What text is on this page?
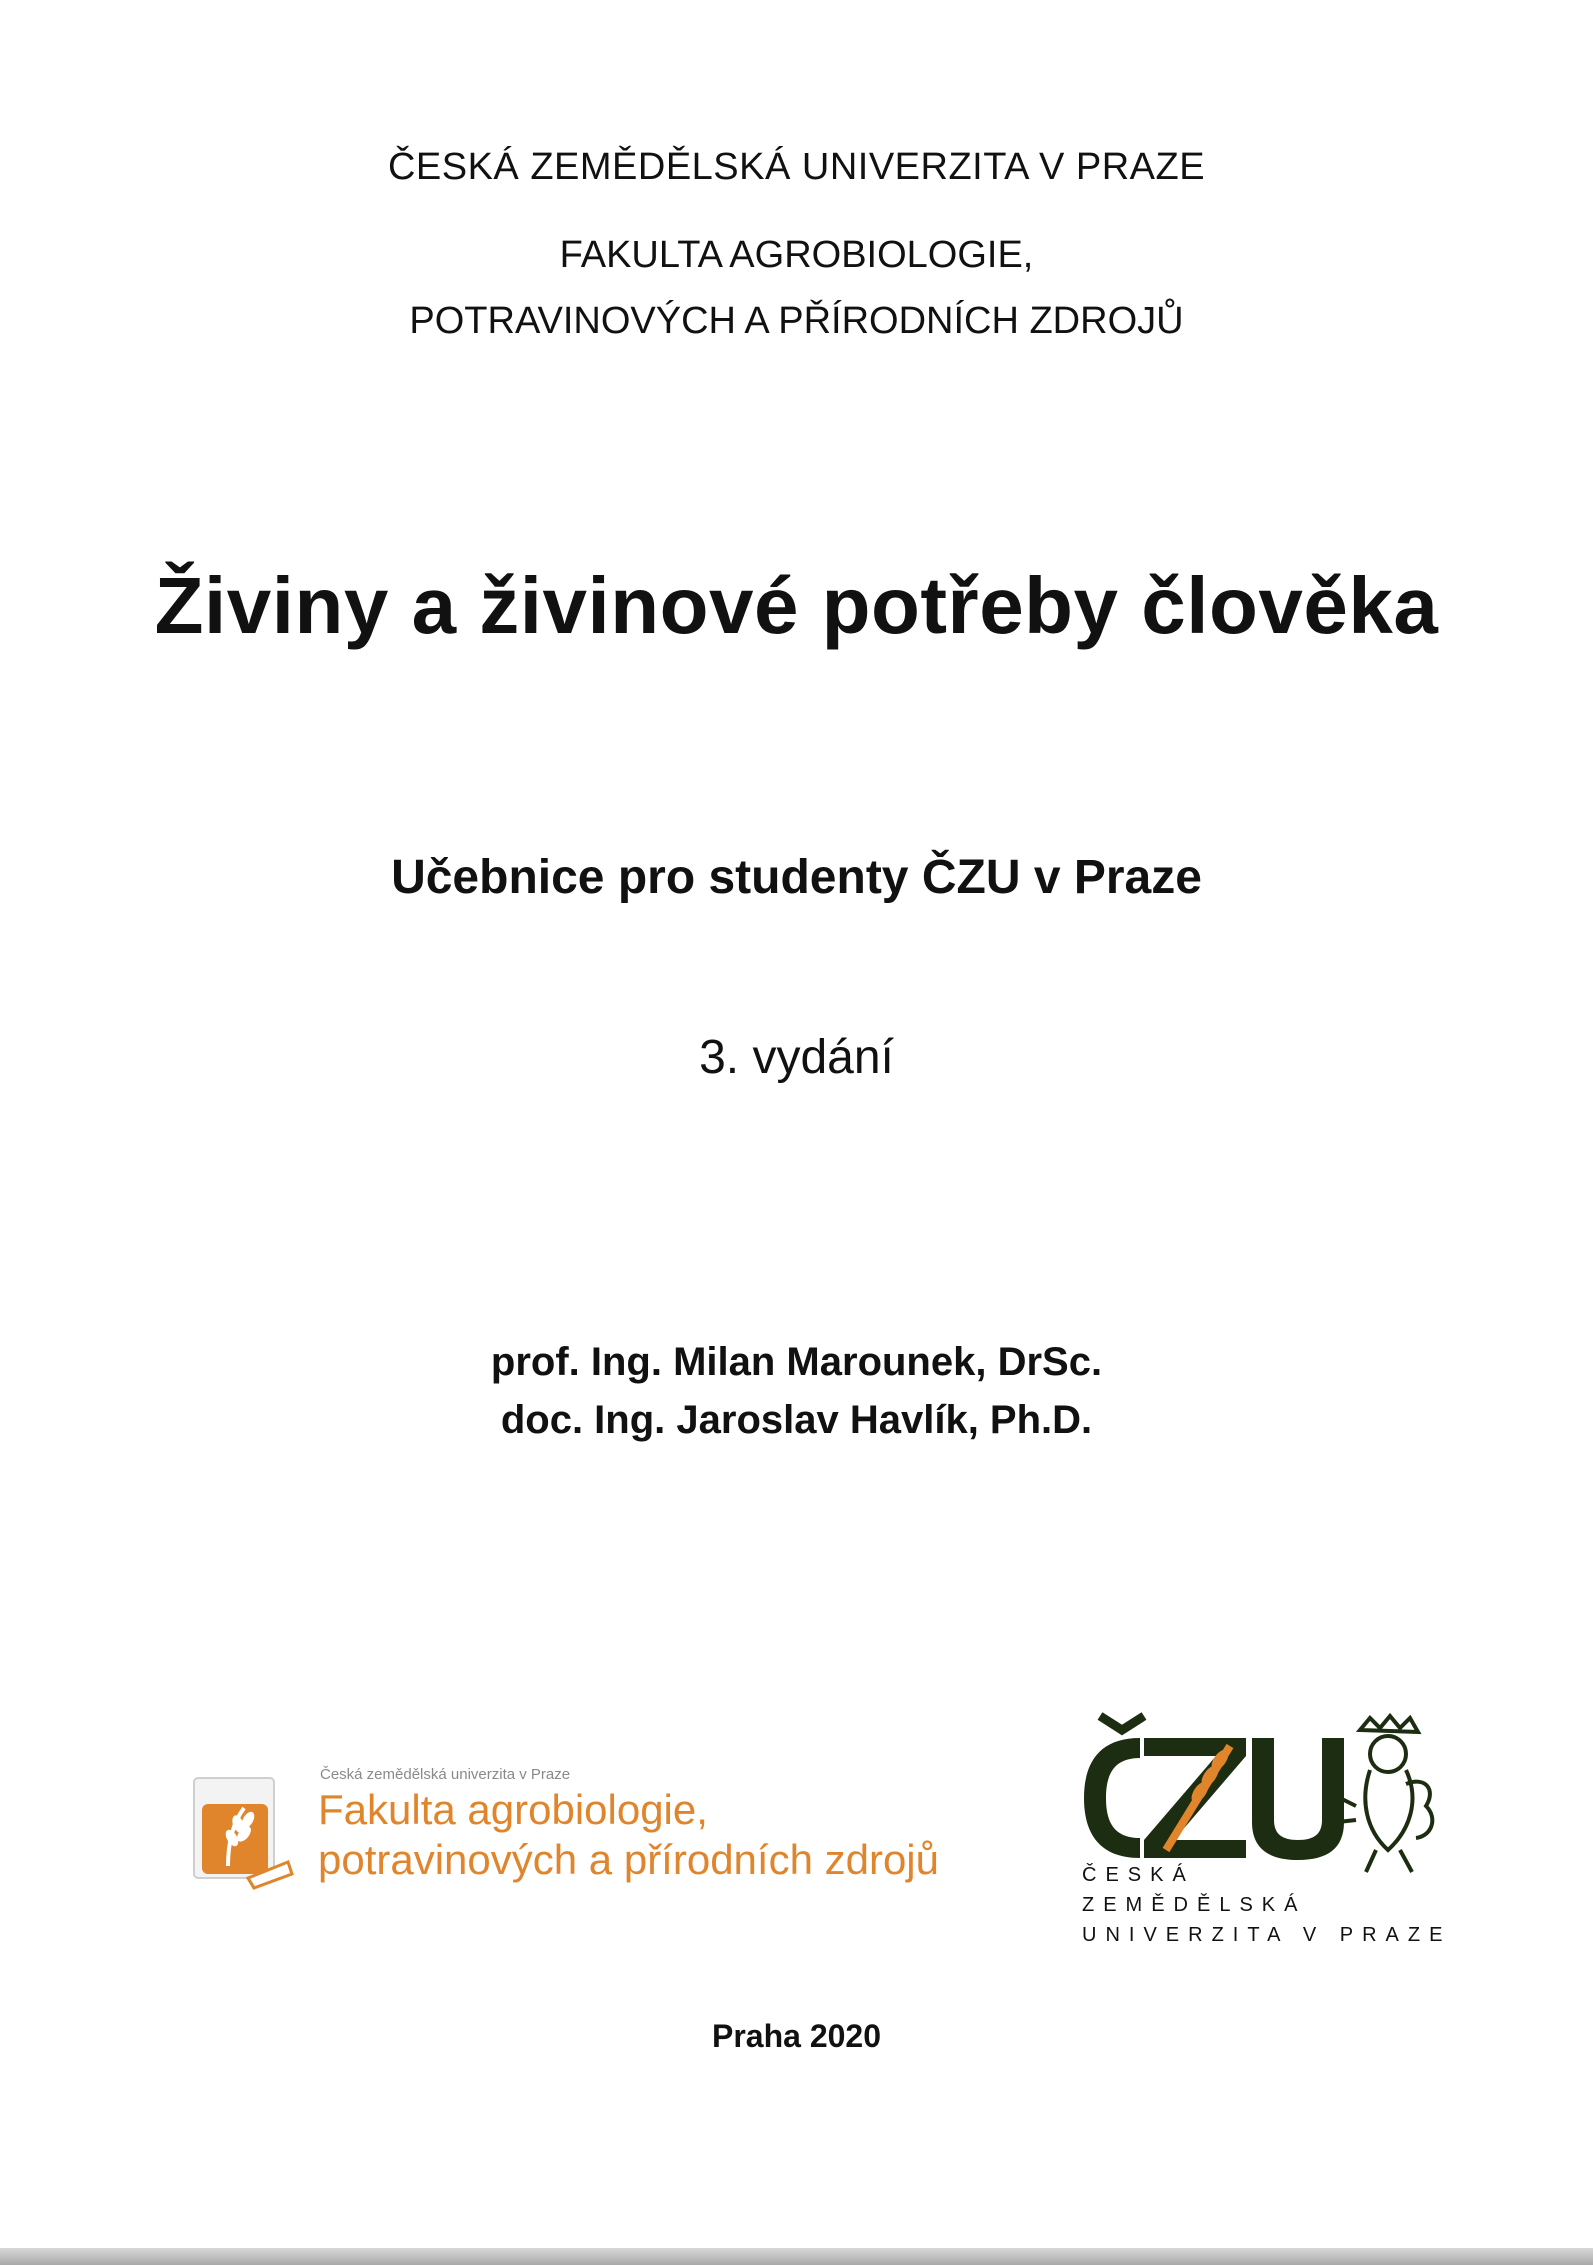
ČESKÁ ZEMĚDĚLSKÁ UNIVERZITA V PRAZE
FAKULTA AGROBIOLOGIE,
POTRAVINOVÝCH A PŘÍRODNÍCH ZDROJŮ
Živiny a živinové potřeby člověka
Učebnice pro studenty ČZU v Praze
3. vydání
prof. Ing. Milan Marounek, DrSc.
doc. Ing. Jaroslav Havlík, Ph.D.
Česká zemědělská univerzita v Praze
Fakulta agrobiologie,
potravinových a přírodních zdrojů	ČESKÁ
ZEMĚDĚLSKÁ
UNIVERZITA V PRAZE
Praha 2020
